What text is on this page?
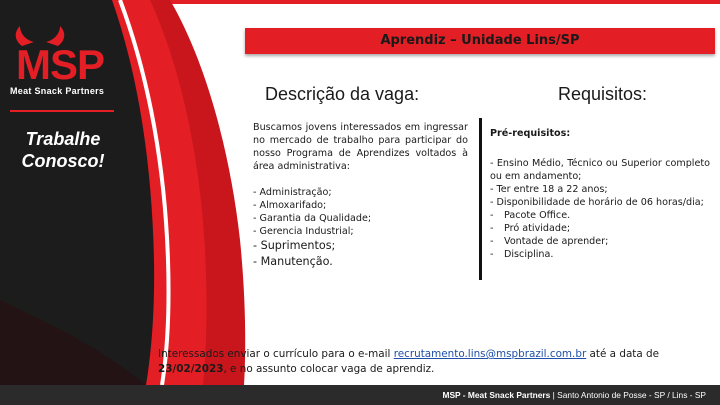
MSP
Meat Snack Partners
Trabalhe
Conosco!
Aprendiz – Unidade Lins/SP
Descrição da vaga:	Requisitos:
Buscamos jovens interessados em ingressar no mercado de trabalho para participar do nosso Programa de Aprendizes voltados à área administrativa:
- Administração;
- Almoxarifado;
- Garantia da Qualidade;
- Gerencia Industrial;
- Suprimentos;
- Manutenção.
Pré-requisitos:
- Ensino Médio, Técnico ou Superior completo ou em andamento;
- Ter entre 18 a 22 anos;
- Disponibilidade de horário de 06 horas/dia;
- Pacote Office.
- Pró atividade;
- Vontade de aprender;
- Disciplina.
Interessados enviar o currículo para o e-mail recrutamento.lins@mspbrazil.com.br até a data de 23/02/2023, e no assunto colocar vaga de aprendiz.
MSP - Meat Snack Partners | Santo Antonio de Posse - SP / Lins - SP
